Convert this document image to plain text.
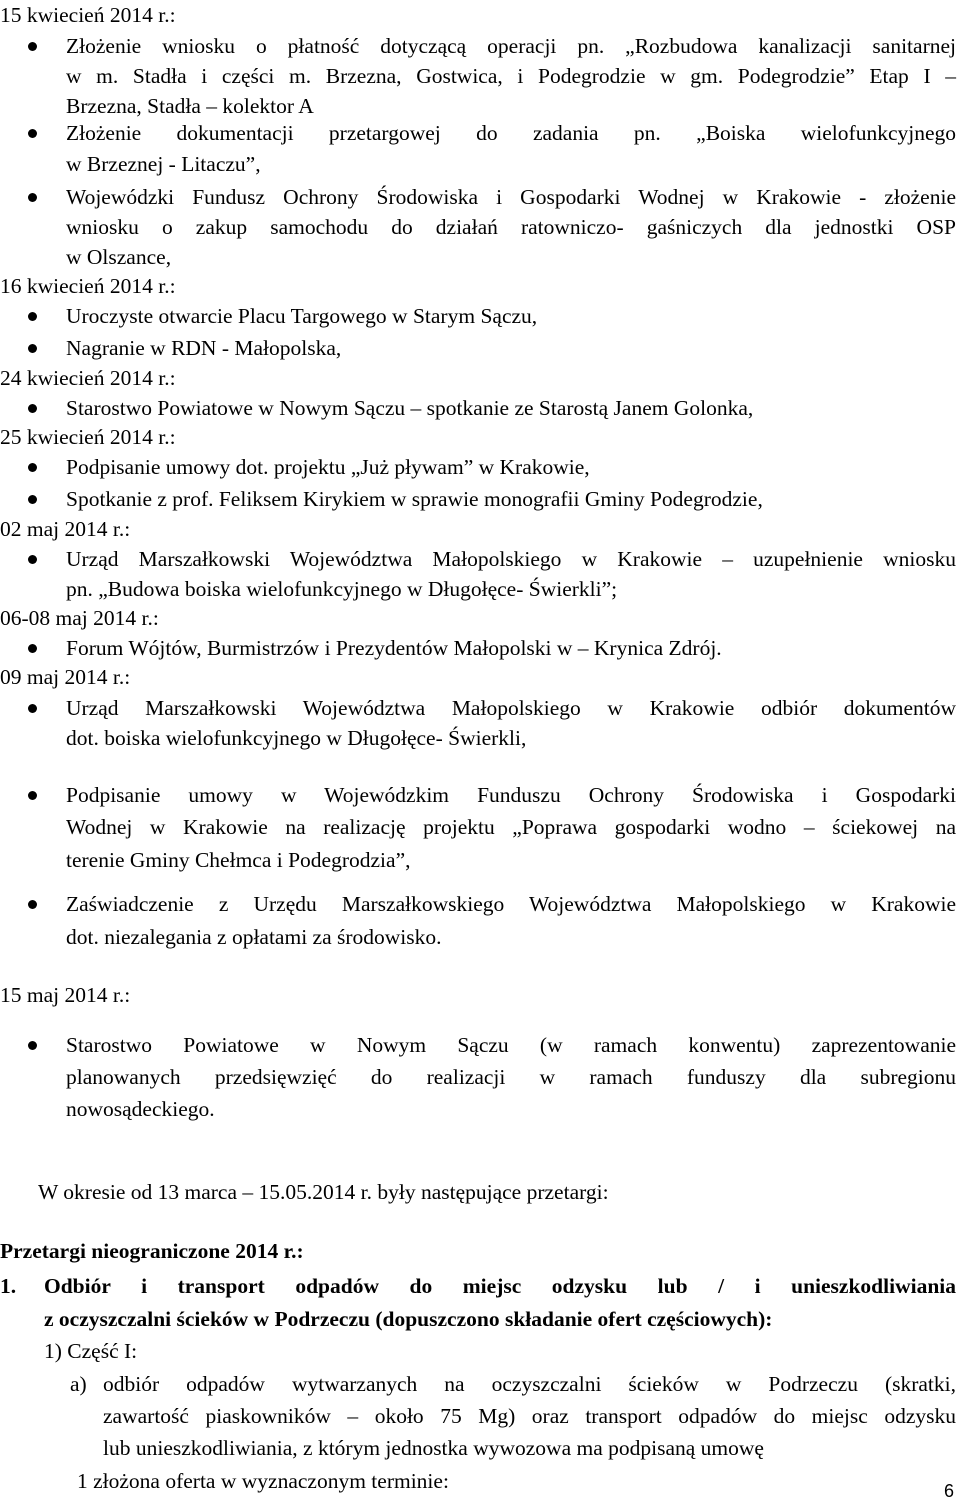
15 kwiecień 2014 r.:
Złożenie wniosku o płatność dotyczącą operacji pn. „Rozbudowa kanalizacji sanitarnej
w m. Stadła i części m. Brzezna, Gostwica, i Podegrodzie w gm. Podegrodzie” Etap I –
Brzezna, Stadła – kolektor A
Złożenie dokumentacji przetargowej do zadania pn. „Boiska wielofunkcyjnego
w Brzeznej - Litaczu”,
Wojewódzki Fundusz Ochrony Środowiska i Gospodarki Wodnej w Krakowie - złożenie
wniosku o zakup samochodu do działań ratowniczo- gaśniczych dla jednostki OSP
w Olszance,
16 kwiecień 2014 r.:
Uroczyste otwarcie Placu Targowego w Starym Sączu,
Nagranie w RDN - Małopolska,
24 kwiecień 2014 r.:
Starostwo Powiatowe w Nowym Sączu – spotkanie ze Starostą Janem Golonka,
25 kwiecień 2014 r.:
Podpisanie umowy dot. projektu „Już pływam” w Krakowie,
Spotkanie z prof. Feliksem Kirykiem w sprawie monografii Gminy Podegrodzie,
02 maj 2014 r.:
Urząd Marszałkowski Województwa Małopolskiego w Krakowie – uzupełnienie wniosku
pn. „Budowa boiska wielofunkcyjnego w Długołęce- Świerkli”;
06-08 maj 2014 r.:
Forum Wójtów, Burmistrzów i Prezydentów Małopolski w – Krynica Zdrój.
09 maj 2014 r.:
Urząd Marszałkowski Województwa Małopolskiego w Krakowie odbiór dokumentów
dot. boiska wielofunkcyjnego w Długołęce- Świerkli,
Podpisanie umowy w Wojewódzkim Funduszu Ochrony Środowiska i Gospodarki
Wodnej w Krakowie na realizację projektu „Poprawa gospodarki wodno – ściekowej na
terenie Gminy Chełmca i Podegrodzia”,
Zaświadczenie z Urzędu Marszałkowskiego Województwa Małopolskiego w Krakowie
dot. niezalegania z opłatami za środowisko.
15 maj 2014 r.:
Starostwo Powiatowe w Nowym Sączu (w ramach konwentu) zaprezentowanie
planowanych przedsięwzięć do realizacji w ramach funduszy dla subregionu
nowosądeckiego.
W okresie od 13 marca – 15.05.2014 r. były następujące przetargi:
Przetargi nieograniczone 2014 r.:
1. Odbiór i transport odpadów do miejsc odzysku lub / i unieszkodliwiania
z oczyszczalni ścieków w Podrzeczu (dopuszczono składanie ofert częściowych):
1) Część I:
a) odbiór odpadów wytwarzanych na oczyszczalni ścieków w Podrzeczu (skratki,
zawartość piaskowników – około 75 Mg) oraz transport odpadów do miejsc odzysku
lub unieszkodliwiania, z którym jednostka wywozowa ma podpisaną umowę
1 złożona oferta w wyznaczonym terminie:	6
